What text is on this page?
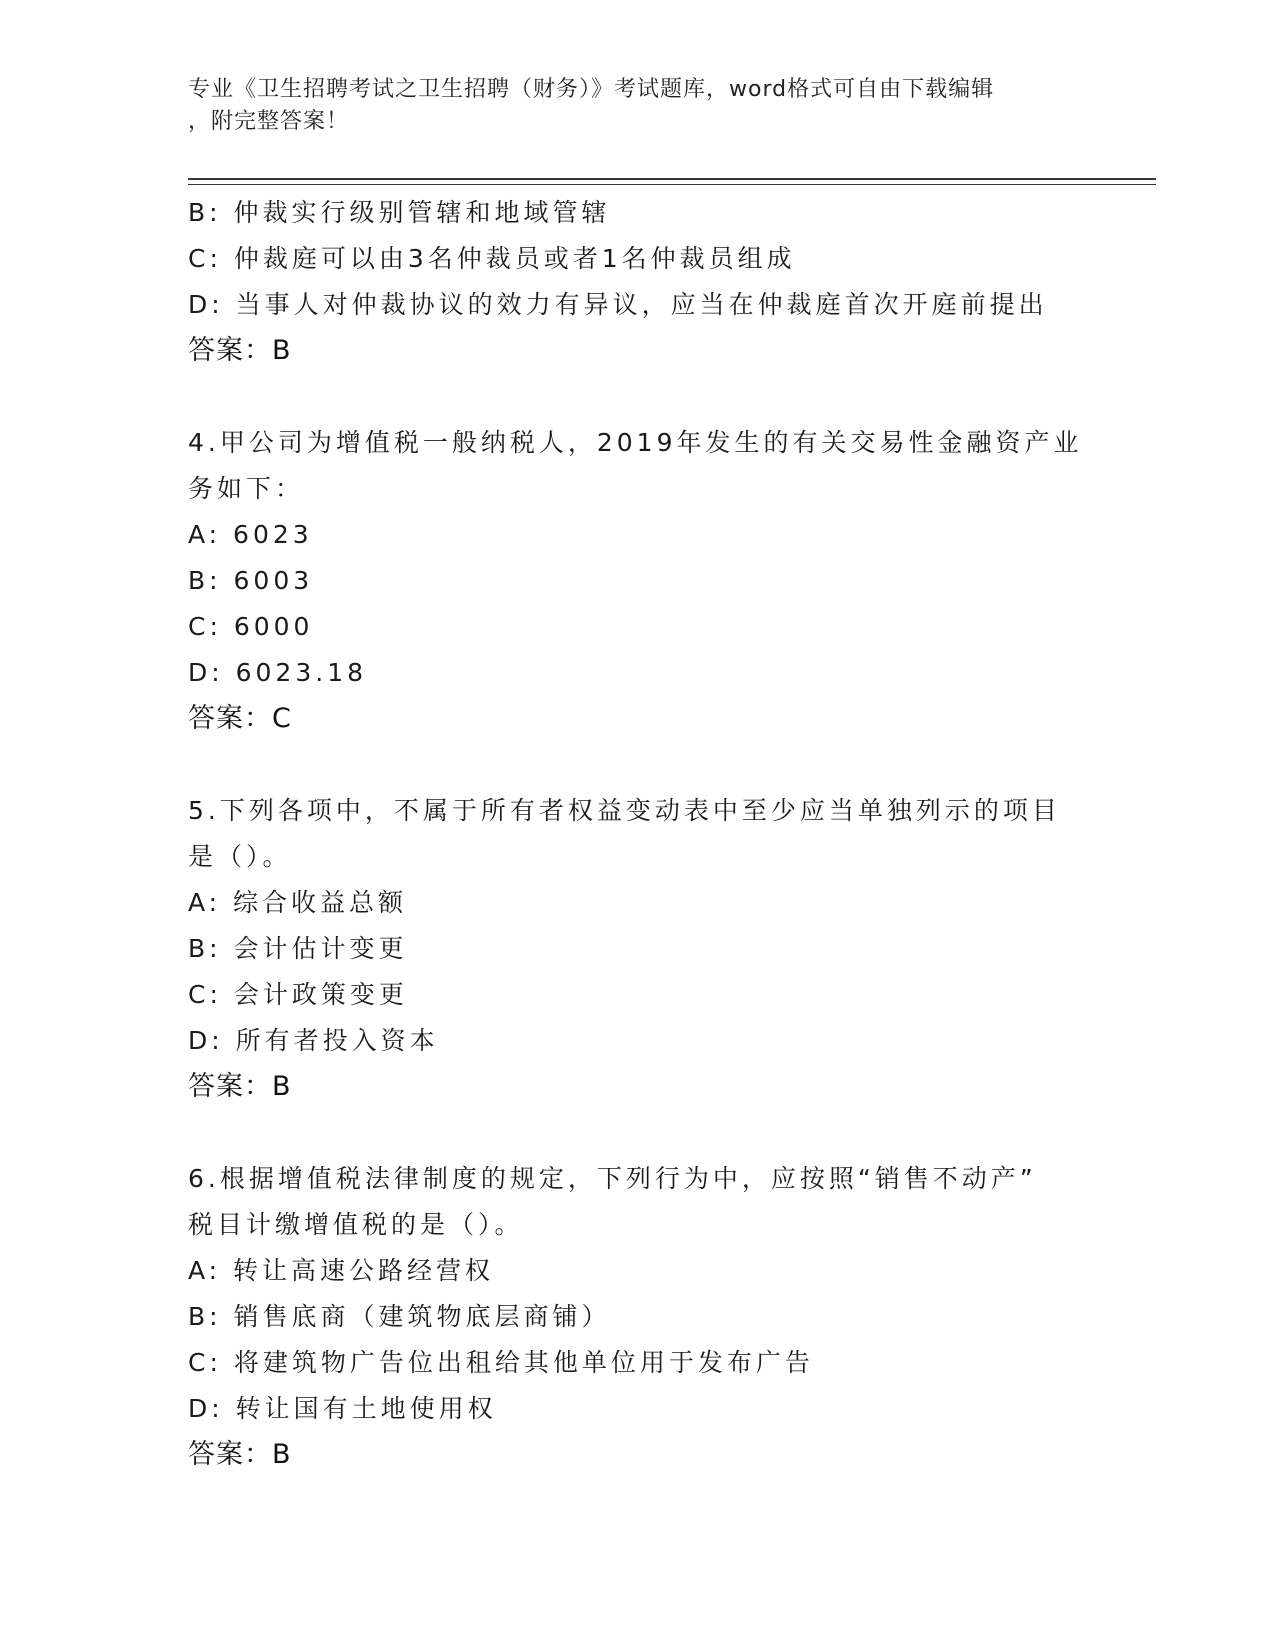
专业《卫生招聘考试之卫生招聘（财务）》考试题库，word格式可自由下载编辑
，附完整答案！
B: 仲裁实行级别管辖和地域管辖
C: 仲裁庭可以由3名仲裁员或者1名仲裁员组成
D: 当事人对仲裁协议的效力有异议，应当在仲裁庭首次开庭前提出
答案：B
4.甲公司为增值税一般纳税人，2019年发生的有关交易性金融资产业
务如下：
A: 6023
B: 6003
C: 6000
D: 6023.18
答案：C
5.下列各项中，不属于所有者权益变动表中至少应当单独列示的项目
是（）。
A: 综合收益总额
B: 会计估计变更
C: 会计政策变更
D: 所有者投入资本
答案：B
6.根据增值税法律制度的规定，下列行为中，应按照“销售不动产”
税目计缴增值税的是（）。
A: 转让高速公路经营权
B: 销售底商（建筑物底层商铺）
C: 将建筑物广告位出租给其他单位用于发布广告
D: 转让国有土地使用权
答案：B
